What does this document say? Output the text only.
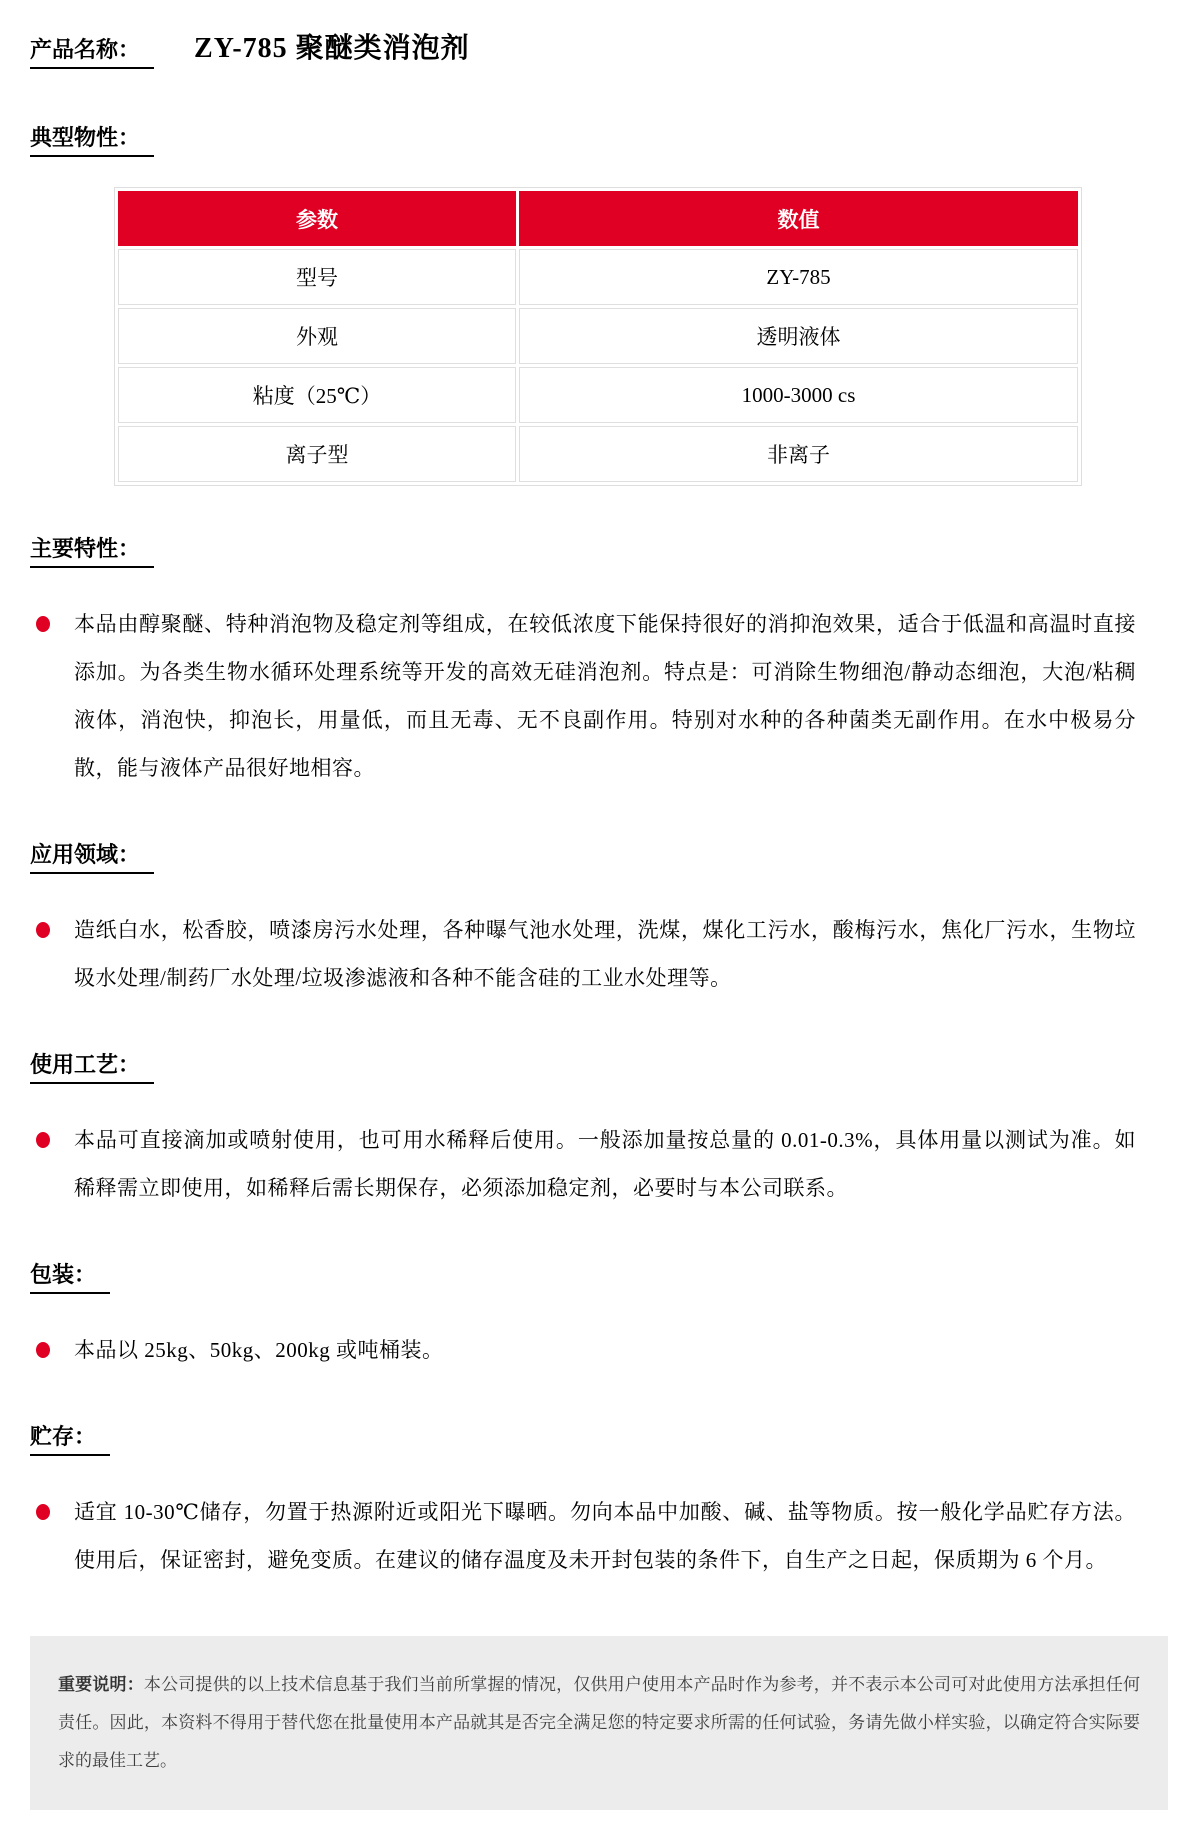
产品名称：	ZY-785 聚醚类消泡剂
典型物性：
参数	数值
型号	ZY-785
外观	透明液体
粘度（25℃）	1000-3000 cs
离子型	非离子
主要特性：

本品由醇聚醚、特种消泡物及稳定剂等组成，在较低浓度下能保持很好的消抑泡效果，适合于低温和高温时直接添加。为各类生物水循环处理系统等开发的高效无硅消泡剂。特点是：可消除生物细泡/静动态细泡，大泡/粘稠液体，消泡快，抑泡长，用量低，而且无毒、无不良副作用。特别对水种的各种菌类无副作用。在水中极易分散，能与液体产品很好地相容。

应用领域：

造纸白水，松香胶，喷漆房污水处理，各种曝气池水处理，洗煤，煤化工污水，酸梅污水，焦化厂污水，生物垃圾水处理/制药厂水处理/垃圾渗滤液和各种不能含硅的工业水处理等。

使用工艺：

本品可直接滴加或喷射使用，也可用水稀释后使用。一般添加量按总量的 0.01-0.3%，具体用量以测试为准。如稀释需立即使用，如稀释后需长期保存，必须添加稳定剂，必要时与本公司联系。

包装：

本品以 25kg、50kg、200kg 或吨桶装。

贮存：

适宜 10-30℃储存，勿置于热源附近或阳光下曝晒。勿向本品中加酸、碱、盐等物质。按一般化学品贮存方法。使用后，保证密封，避免变质。在建议的储存温度及未开封包装的条件下，自生产之日起，保质期为 6 个月。

重要说明：本公司提供的以上技术信息基于我们当前所掌握的情况，仅供用户使用本产品时作为参考，并不表示本公司可对此使用方法承担任何责任。因此，本资料不得用于替代您在批量使用本产品就其是否完全满足您的特定要求所需的任何试验，务请先做小样实验，以确定符合实际要求的最佳工艺。
